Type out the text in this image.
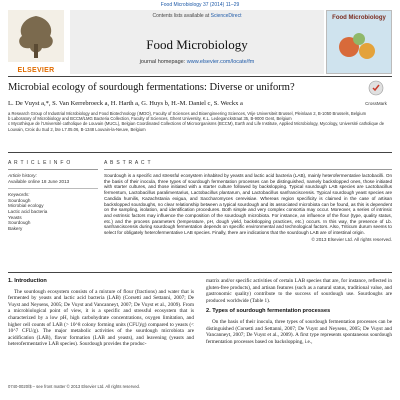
Food Microbiology 37 (2014) 11–29
ELSEVIER
Contents lists available at ScienceDirect
Food Microbiology
journal homepage: www.elsevier.com/locate/fm
Food Microbiology
Microbial ecology of sourdough fermentations: Diverse or uniform?
CrossMark
L. De Vuyst a,*, S. Van Kerrebroeck a, H. Harth a, G. Huys b, H.-M. Daniel c, S. Weckx a

a Research Group of Industrial Microbiology and Food Biotechnology (IMDO), Faculty of Sciences and Bioengineering Sciences, Vrije Universiteit Brussel, Pleinlaan 2, B-1050 Brussels, Belgium

b Laboratory of Microbiology and BCCM/LMG Bacteria Collection, Faculty of Sciences, Ghent University, K.L. Ledeganckstraat 35, B-9000 Gent, Belgium

c Mycothèque de l'Université catholique de Louvain (MUCL), Belgian Coordinated Collections of Microorganisms (BCCM), Earth and Life Institute, Applied Microbiology, Mycology, Université catholique de Louvain, Croix du Sud 2, bte L7.05.06, B-1348 Louvain-la-Neuve, Belgium

A R T I C L E I N F O
Article history:
Available online 18 June 2013
Keywords:
Sourdough
Microbial ecology
Lactic acid bacteria
Yeasts
Sourdough
Bakery
A B S T R A C T
Sourdough is a specific and stressful ecosystem inhabited by yeasts and lactic acid bacteria (LAB), mainly heterofermentative lactobacilli. On the basis of their inocula, three types of sourdough fermentation processes can be distinguished, namely backslopped ones, those initiated with starter cultures, and those initiated with a starter culture followed by backslopping. Typical sourdough LAB species are Lactobacillus fermentum, Lactobacillus paralimentarius, Lactobacillus plantarum, and Lactobacillus sanfranciscensis. Typical sourdough yeast species are Candida humilis, Kazachstania exigua, and Saccharomyces cerevisiae. Whereas region specificity is claimed in the case of artisan backslopped sourdoughs, no clear relationship between a typical sourdough and its associated microbiota can be found, as this is dependent on the sampling, isolation, and identification procedures. Both simple and very complex consortia may occur. Moreover, a series of intrinsic and extrinsic factors may influence the composition of the sourdough microbiota. For instance, an influence of the flour (type, quality status, etc.) and the process parameters (temperature, pH, dough yield, backslopping practices, etc.) occurs. In this way, the presence of Lb. sanfranciscensis during sourdough fermentation depends on specific environmental and technological factors. Also, Triticum durum seems to select for obligately heterofermentative LAB species. Finally, there are indications that the sourdough LAB are of intestinal origin.
© 2013 Elsevier Ltd. All rights reserved.
1. Introduction

The sourdough ecosystem consists of a mixture of flour (fractions) and water that is fermented by yeasts and lactic acid bacteria (LAB) (Corsetti and Settanni, 2007; De Vuyst and Neysens, 2005; De Vuyst and Vancanneyt, 2007; De Vuyst et al., 2009). From a microbiological point of view, it is a specific and stressful ecosystem that is characterized by a low pH, high carbohydrate concentrations, oxygen limitation, and higher cell counts of LAB (> 10^8 colony forming units (CFU)/g) compared to yeasts (< 10^7 CFU/g). The major metabolic activities of the sourdough microbiota are acidification (LAB), flavor formation (LAB and yeasts), and leavening (yeasts and heterofermentative LAB species). Sourdough provides the produc-

matrix and/or specific activities of certain LAB species that are, for instance, reflected in gluten-free products), and artisan features (such as a natural status, traditional value, and gastronomic quality) contribute to the success of sourdough use. Sourdoughs are produced worldwide (Table 1).

2. Types of sourdough fermentation processes

On the basis of their inocula, three types of sourdough fermentation processes can be distinguished (Corsetti and Settanni, 2007; De Vuyst and Neysens, 2005; De Vuyst and Vancanneyt, 2007; De Vuyst et al., 2009). A first type represents spontaneous sourdough fermentation processes based on backslopping, i.e.,

0740-0020/$ – see front matter © 2013 Elsevier Ltd. All rights reserved.
